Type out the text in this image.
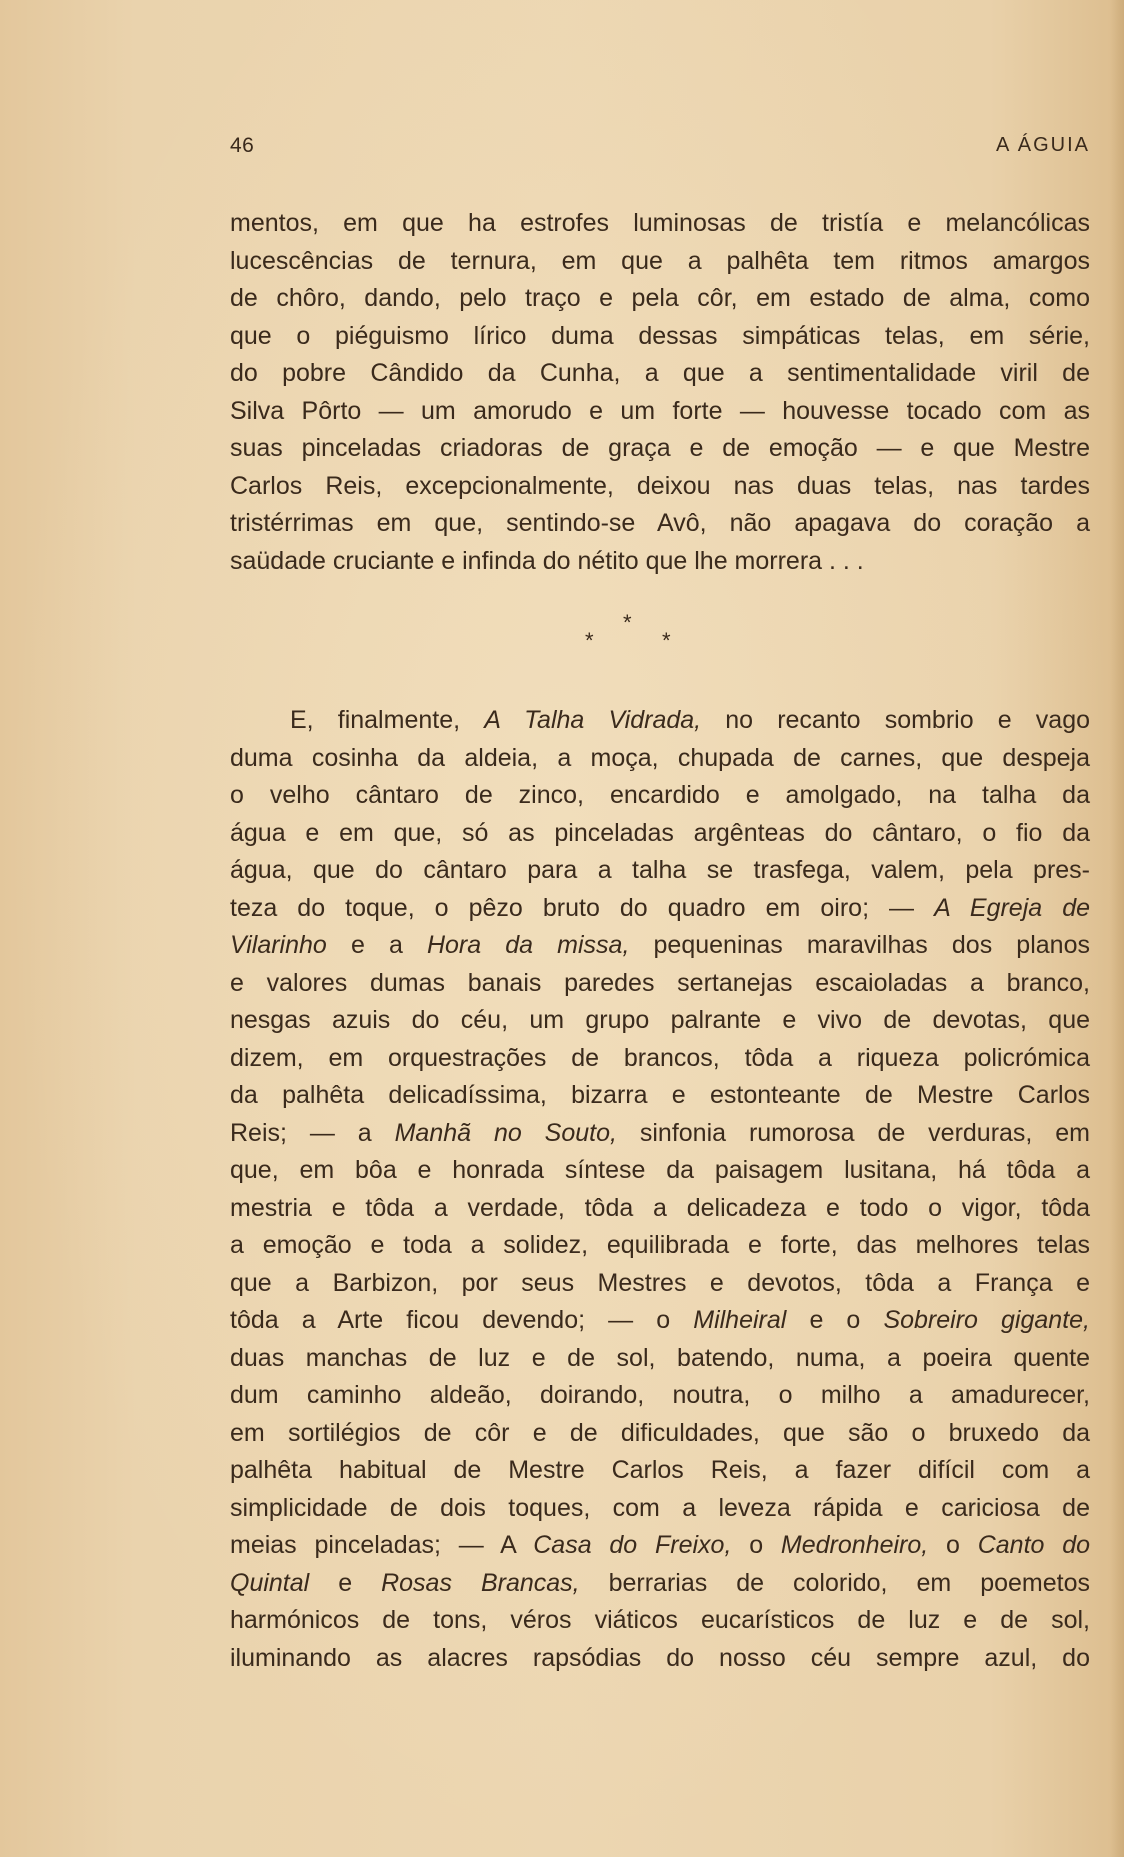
46	A ÁGUIA
mentos, em que ha estrofes luminosas de tristía e melancólicas
lucescências de ternura, em que a palhêta tem ritmos amargos
de chôro, dando, pelo traço e pela côr, em estado de alma, como
que o piéguismo lírico duma dessas simpáticas telas, em série,
do pobre Cândido da Cunha, a que a sentimentalidade viril de
Silva Pôrto — um amorudo e um forte — houvesse tocado com as
suas pinceladas criadoras de graça e de emoção — e que Mestre
Carlos Reis, excepcionalmente, deixou nas duas telas, nas tardes
tristérrimas em que, sentindo-se Avô, não apagava do coração a
saüdade cruciante e infinda do nétito que lhe morrera . . .
*
*	*
E, finalmente, A Talha Vidrada, no recanto sombrio e vago
duma cosinha da aldeia, a moça, chupada de carnes, que despeja
o velho cântaro de zinco, encardido e amolgado, na talha da
água e em que, só as pinceladas argênteas do cântaro, o fio da
água, que do cântaro para a talha se trasfega, valem, pela pres-
teza do toque, o pêzo bruto do quadro em oiro; — A Egreja de
Vilarinho e a Hora da missa, pequeninas maravilhas dos planos
e valores dumas banais paredes sertanejas escaioladas a branco,
nesgas azuis do céu, um grupo palrante e vivo de devotas, que
dizem, em orquestrações de brancos, tôda a riqueza policrómica
da palhêta delicadíssima, bizarra e estonteante de Mestre Carlos
Reis; — a Manhã no Souto, sinfonia rumorosa de verduras, em
que, em bôa e honrada síntese da paisagem lusitana, há tôda a
mestria e tôda a verdade, tôda a delicadeza e todo o vigor, tôda
a emoção e toda a solidez, equilibrada e forte, das melhores telas
que a Barbizon, por seus Mestres e devotos, tôda a França e
tôda a Arte ficou devendo; — o Milheiral e o Sobreiro gigante,
duas manchas de luz e de sol, batendo, numa, a poeira quente
dum caminho aldeão, doirando, noutra, o milho a amadurecer,
em sortilégios de côr e de dificuldades, que são o bruxedo da
palhêta habitual de Mestre Carlos Reis, a fazer difícil com a
simplicidade de dois toques, com a leveza rápida e cariciosa de
meias pinceladas; — A Casa do Freixo, o Medronheiro, o Canto do
Quintal e Rosas Brancas, berrarias de colorido, em poemetos
harmónicos de tons, véros viáticos eucarísticos de luz e de sol,
iluminando as alacres rapsódias do nosso céu sempre azul, do
